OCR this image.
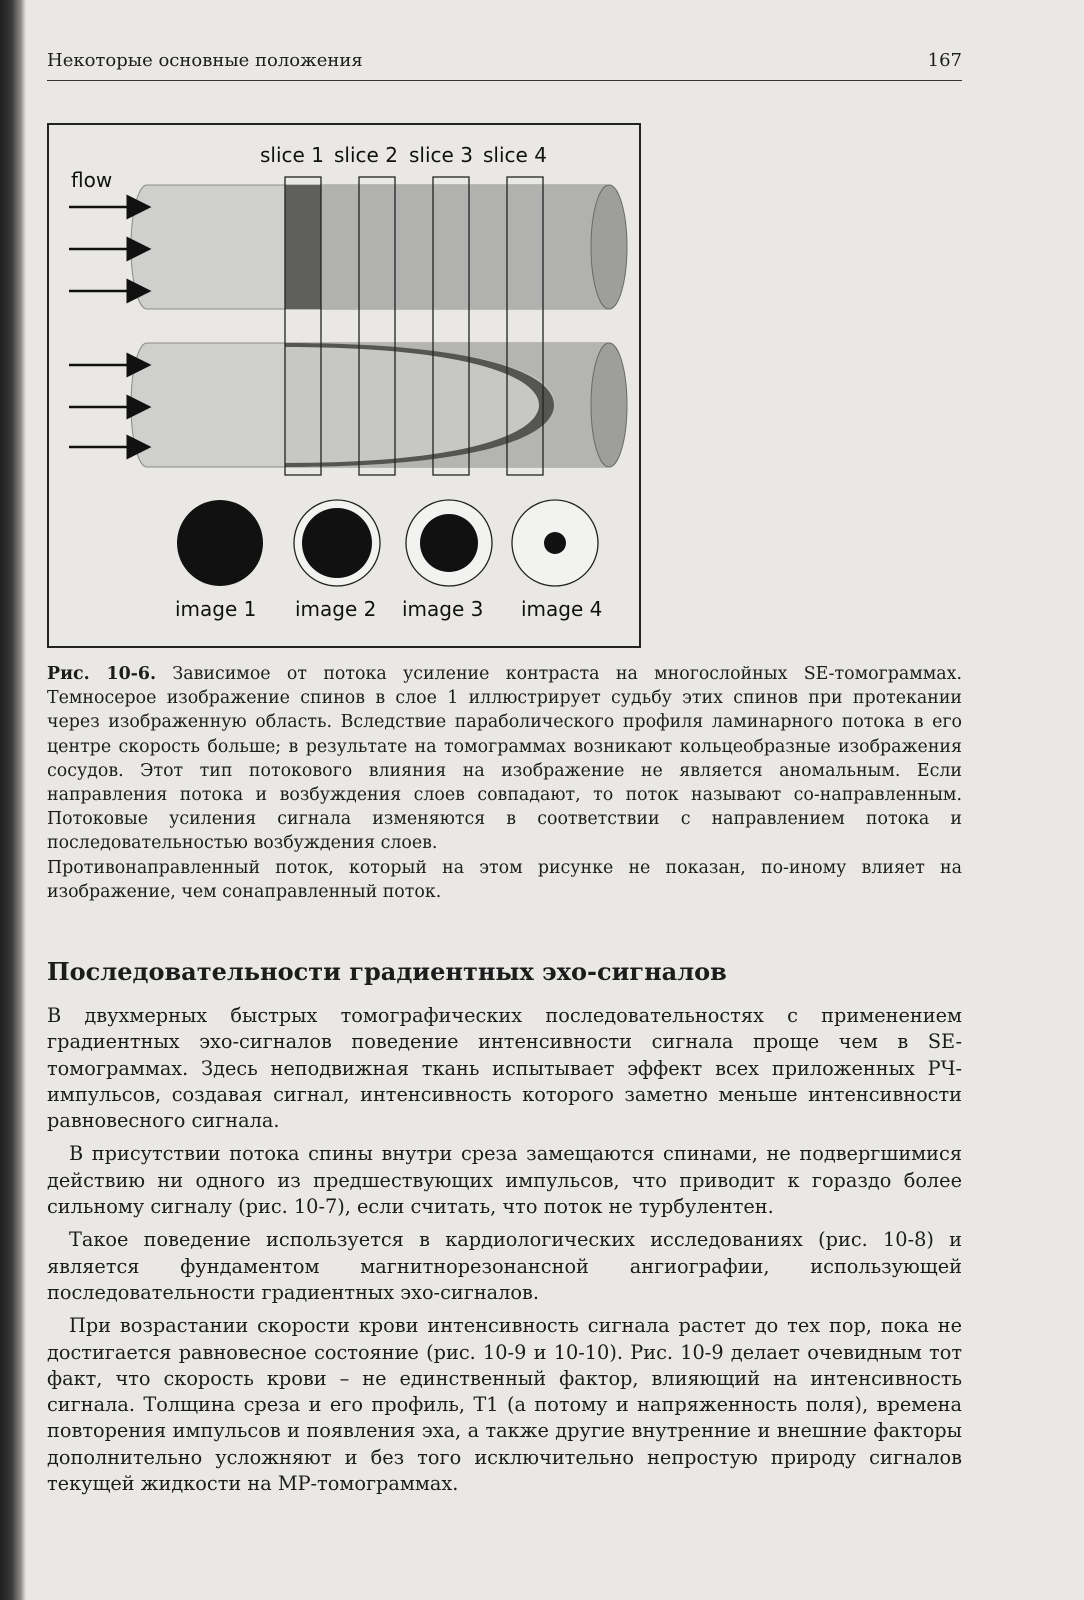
Некоторые основные положения	167
flow
slice 1 slice 2 slice 3 slice 4
image 1 image 2 image 3 image 4

Рис. 10-6. Зависимое от потока усиление контраста на многослойных SE-томограммах. Темносерое изображение спинов в слое 1 иллюстрирует судьбу этих спинов при протекании через изображенную область. Вследствие параболического профиля ламинарного потока в его центре скорость больше; в результате на томограммах возникают кольцеобразные изображения сосудов. Этот тип потокового влияния на изображение не является аномальным. Если направления потока и возбуждения слоев совпадают, то поток называют со-направленным. Потоковые усиления сигнала изменяются в соответствии с направлением потока и последовательностью возбуждения слоев.

Противонаправленный поток, который на этом рисунке не показан, по-иному влияет на изображение, чем сонаправленный поток.

Последовательности градиентных эхо-сигналов

В двухмерных быстрых томографических последовательностях с применением градиентных эхо-сигналов поведение интенсивности сигнала проще чем в SE-томограммах. Здесь неподвижная ткань испытывает эффект всех приложенных РЧ-импульсов, создавая сигнал, интенсивность которого заметно меньше интенсивности равновесного сигнала.

В присутствии потока спины внутри среза замещаются спинами, не подвергшимися действию ни одного из предшествующих импульсов, что приводит к гораздо более сильному сигналу (рис. 10-7), если считать, что поток не турбулентен.

Такое поведение используется в кардиологических исследованиях (рис. 10-8) и является фундаментом магнитнорезонансной ангиографии, использующей последовательности градиентных эхо-сигналов.

При возрастании скорости крови интенсивность сигнала растет до тех пор, пока не достигается равновесное состояние (рис. 10-9 и 10-10). Рис. 10-9 делает очевидным тот факт, что скорость крови – не единственный фактор, влияющий на интенсивность сигнала. Толщина среза и его профиль, T1 (а потому и напряженность поля), времена повторения импульсов и появления эха, а также другие внутренние и внешние факторы дополнительно усложняют и без того исключительно непростую природу сигналов текущей жидкости на МР-томограммах.
